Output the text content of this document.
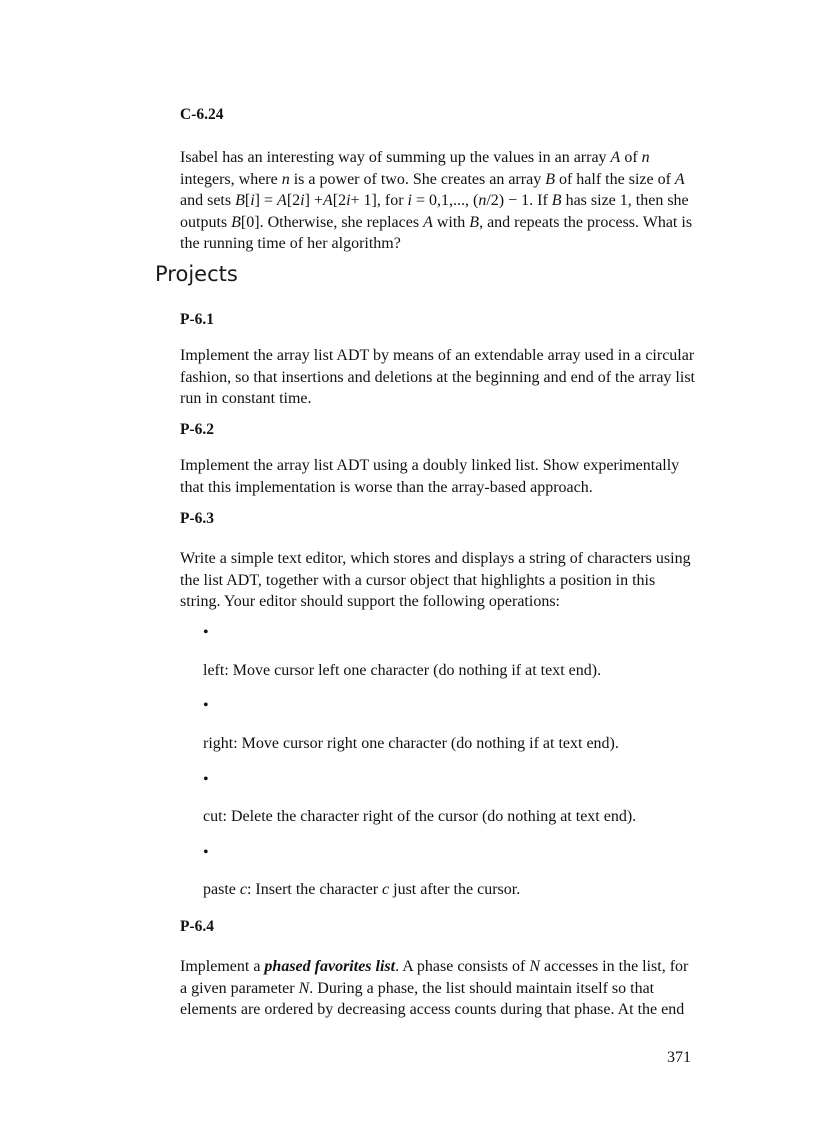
C-6.24
Isabel has an interesting way of summing up the values in an array A of n
integers, where n is a power of two. She creates an array B of half the size of A
and sets B[i] = A[2i] +A[2i+ 1], for i = 0,1,..., (n/2) − 1. If B has size 1, then she
outputs B[0]. Otherwise, she replaces A with B, and repeats the process. What is
the running time of her algorithm?
Projects
P-6.1
Implement the array list ADT by means of an extendable array used in a circular
fashion, so that insertions and deletions at the beginning and end of the array list
run in constant time.
P-6.2
Implement the array list ADT using a doubly linked list. Show experimentally
that this implementation is worse than the array-based approach.
P-6.3
Write a simple text editor, which stores and displays a string of characters using
the list ADT, together with a cursor object that highlights a position in this
string. Your editor should support the following operations:
•
left: Move cursor left one character (do nothing if at text end).
•
right: Move cursor right one character (do nothing if at text end).
•
cut: Delete the character right of the cursor (do nothing at text end).
•
paste c: Insert the character c just after the cursor.
P-6.4
Implement a phased favorites list. A phase consists of N accesses in the list, for
a given parameter N. During a phase, the list should maintain itself so that
elements are ordered by decreasing access counts during that phase. At the end
371
